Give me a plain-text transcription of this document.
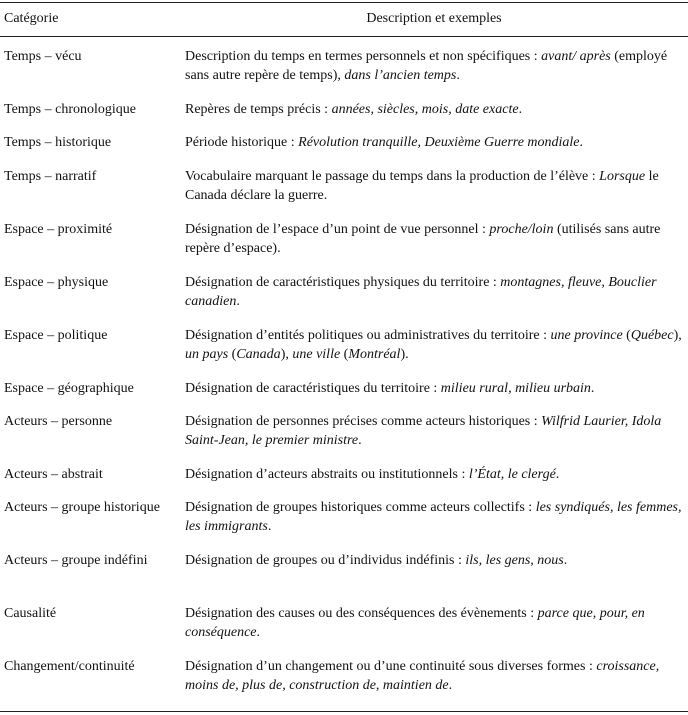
Catégorie	Description et exemples
Temps – vécu	Description du temps en termes personnels et non spécifiques : avant/ après (employé sans autre repère de temps), dans l’ancien temps.
Temps – chronologique	Repères de temps précis : années, siècles, mois, date exacte.
Temps – historique	Période historique : Révolution tranquille, Deuxième Guerre mondiale.
Temps – narratif	Vocabulaire marquant le passage du temps dans la production de l’élève : Lorsque le Canada déclare la guerre.
Espace – proximité	Désignation de l’espace d’un point de vue personnel : proche/loin (utilisés sans autre repère d’espace).
Espace – physique	Désignation de caractéristiques physiques du territoire : montagnes, fleuve, Bouclier canadien.
Espace – politique	Désignation d’entités politiques ou administratives du territoire : une province (Québec), un pays (Canada), une ville (Montréal).
Espace – géographique	Désignation de caractéristiques du territoire : milieu rural, milieu urbain.
Acteurs – personne	Désignation de personnes précises comme acteurs historiques : Wilfrid Laurier, Idola Saint-Jean, le premier ministre.
Acteurs – abstrait	Désignation d’acteurs abstraits ou institutionnels : l’État, le clergé.
Acteurs – groupe historique	Désignation de groupes historiques comme acteurs collectifs : les syndiqués, les femmes, les immigrants.
Acteurs – groupe indéfini	Désignation de groupes ou d’individus indéfinis : ils, les gens, nous.
Causalité	Désignation des causes ou des conséquences des évènements : parce que, pour, en conséquence.
Changement/continuité	Désignation d’un changement ou d’une continuité sous diverses formes : croissance, moins de, plus de, construction de, maintien de.
